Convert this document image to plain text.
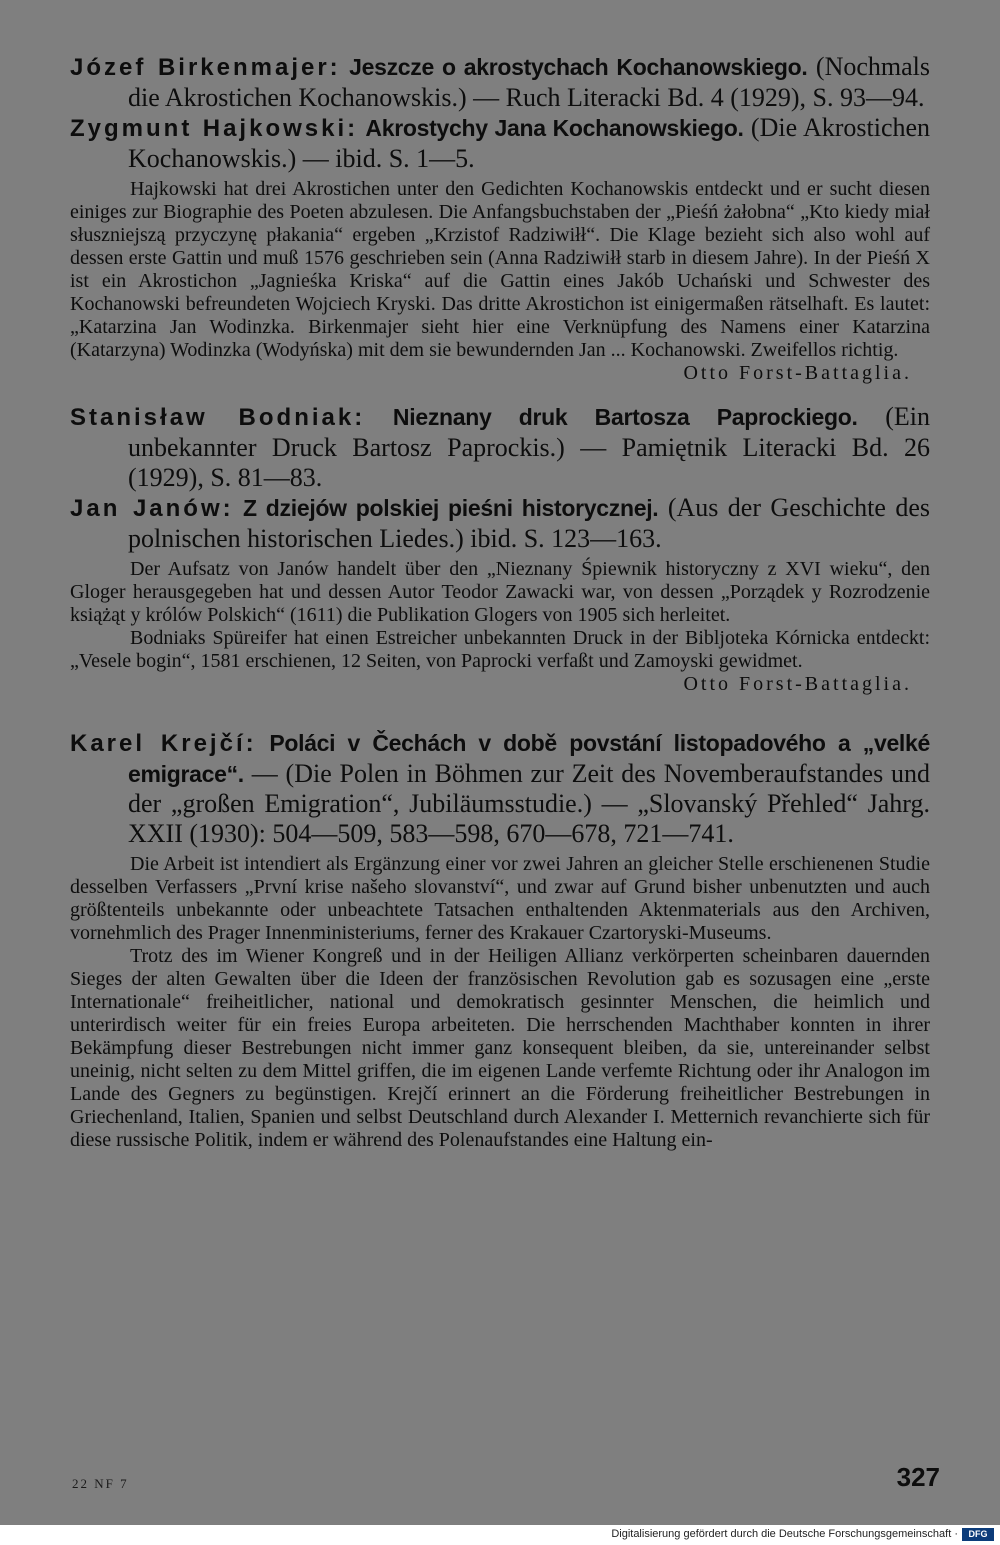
Józef Birkenmajer: Jeszcze o akrostychach Kochanowskiego. (Nochmals die Akrostichen Kochanowskis.) — Ruch Literacki Bd. 4 (1929), S. 93—94.

Zygmunt Hajkowski: Akrostychy Jana Kochanowskiego. (Die Akrostichen Kochanowskis.) — ibid. S. 1—5.

Hajkowski hat drei Akrostichen unter den Gedichten Kochanowskis entdeckt und er sucht diesen einiges zur Biographie des Poeten abzulesen. Die Anfangsbuchstaben der „Pieśń żałobna“ „Kto kiedy miał słuszniejszą przyczynę płakania“ ergeben „Krzistof Radziwiłł“. Die Klage bezieht sich also wohl auf dessen erste Gattin und muß 1576 geschrieben sein (Anna Radziwiłł starb in diesem Jahre). In der Pieśń X ist ein Akrostichon „Jagnieśka Kriska“ auf die Gattin eines Jakób Uchański und Schwester des Kochanowski befreundeten Wojciech Kryski. Das dritte Akrostichon ist einigermaßen rätselhaft. Es lautet: „Katarzina Jan Wodinzka. Birkenmajer sieht hier eine Verknüpfung des Namens einer Katarzina (Katarzyna) Wodinzka (Wodyńska) mit dem sie bewundernden Jan ... Kochanowski. Zweifellos richtig.
Otto Forst-Battaglia.

Stanisław Bodniak: Nieznany druk Bartosza Paprockiego. (Ein unbekannter Druck Bartosz Paprockis.) — Pamiętnik Literacki Bd. 26 (1929), S. 81—83.

Jan Janów: Z dziejów polskiej pieśni historycznej. (Aus der Geschichte des polnischen historischen Liedes.) ibid. S. 123—163.

Der Aufsatz von Janów handelt über den „Nieznany Śpiewnik historyczny z XVI wieku“, den Gloger herausgegeben hat und dessen Autor Teodor Zawacki war, von dessen „Porządek y Rozrodzenie książąt y królów Polskich“ (1611) die Publikation Glogers von 1905 sich herleitet.

Bodniaks Spüreifer hat einen Estreicher unbekannten Druck in der Bibljoteka Kórnicka entdeckt: „Vesele bogin“, 1581 erschienen, 12 Seiten, von Paprocki verfaßt und Zamoyski gewidmet.

Otto Forst-Battaglia.

Karel Krejčí: Poláci v Čechách v době povstání listopadového a „velké emigrace“. — (Die Polen in Böhmen zur Zeit des Novemberaufstandes und der „großen Emigration“, Jubiläumsstudie.) — „Slovanský Přehled“ Jahrg. XXII (1930): 504—509, 583—598, 670—678, 721—741.

Die Arbeit ist intendiert als Ergänzung einer vor zwei Jahren an gleicher Stelle erschienenen Studie desselben Verfassers „První krise našeho slovanství“, und zwar auf Grund bisher unbenutzten und auch größtenteils unbekannte oder unbeachtete Tatsachen enthaltenden Aktenmaterials aus den Archiven, vornehmlich des Prager Innenministeriums, ferner des Krakauer Czartoryski-Museums.

Trotz des im Wiener Kongreß und in der Heiligen Allianz verkörperten scheinbaren dauernden Sieges der alten Gewalten über die Ideen der französischen Revolution gab es sozusagen eine „erste Internationale“ freiheitlicher, national und demokratisch gesinnter Menschen, die heimlich und unterirdisch weiter für ein freies Europa arbeiteten. Die herrschenden Machthaber konnten in ihrer Bekämpfung dieser Bestrebungen nicht immer ganz konsequent bleiben, da sie, untereinander selbst uneinig, nicht selten zu dem Mittel griffen, die im eigenen Lande verfemte Richtung oder ihr Analogon im Lande des Gegners zu begünstigen. Krejčí erinnert an die Förderung freiheitlicher Bestrebungen in Griechenland, Italien, Spanien und selbst Deutschland durch Alexander I. Metternich revanchierte sich für diese russische Politik, indem er während des Polenaufstandes eine Haltung ein-

22 NF 7	327
Digitalisierung gefördert durch die Deutsche Forschungsgemeinschaft ·	DFG
